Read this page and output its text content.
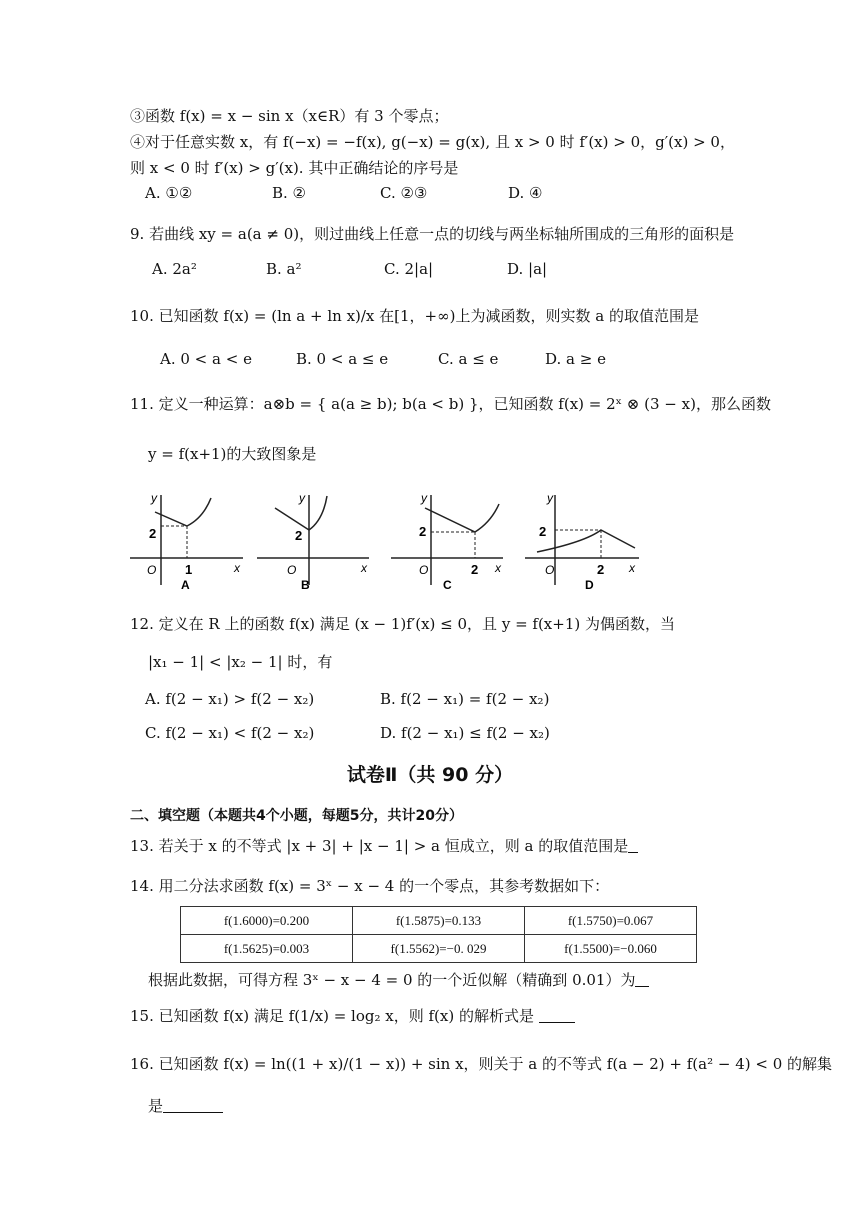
③函数 f(x) = x − sin x（x∈R）有 3 个零点；
④对于任意实数 x，有 f(−x) = −f(x), g(−x) = g(x), 且 x > 0 时 f′(x) > 0，g′(x) > 0，
则 x < 0 时 f′(x) > g′(x). 其中正确结论的序号是
A. ①②	B. ②	C. ②③	D. ④
9. 若曲线 xy = a(a ≠ 0)，则过曲线上任意一点的切线与两坐标轴所围成的三角形的面积是
A. 2a²	B. a²	C. 2|a|	D. |a|
10. 已知函数 f(x) = (ln a + ln x)/x 在[1，+∞)上为减函数，则实数 a 的取值范围是
A. 0 < a < e	B. 0 < a ≤ e	C. a ≤ e	D. a ≥ e
11. 定义一种运算：a⊗b = { a(a ≥ b); b(a < b) }，已知函数 f(x) = 2ˣ ⊗ (3 − x)，那么函数
y = f(x+1)的大致图象是
y
x
O
2
1
A
y
x
O
2
B
y
x
O
2
2
C
y
x
O
2
2
D
12. 定义在 R 上的函数 f(x) 满足 (x − 1)f′(x) ≤ 0，且 y = f(x+1) 为偶函数，当
|x₁ − 1| < |x₂ − 1| 时，有
A. f(2 − x₁) > f(2 − x₂)	B. f(2 − x₁) = f(2 − x₂)
C. f(2 − x₁) < f(2 − x₂)	D. f(2 − x₁) ≤ f(2 − x₂)
试卷Ⅱ（共 90 分）
二、填空题（本题共4个小题，每题5分，共计20分）
13. 若关于 x 的不等式 |x + 3| + |x − 1| > a 恒成立，则 a 的取值范围是
14. 用二分法求函数 f(x) = 3ˣ − x − 4 的一个零点，其参考数据如下：
f(1.6000)=0.200	f(1.5875)=0.133	f(1.5750)=0.067
f(1.5625)=0.003	f(1.5562)=−0. 029	f(1.5500)=−0.060
根据此数据，可得方程 3ˣ − x − 4 = 0 的一个近似解（精确到 0.01）为
15. 已知函数 f(x) 满足 f(1/x) = log₂ x，则 f(x) 的解析式是
16. 已知函数 f(x) = ln((1 + x)/(1 − x)) + sin x，则关于 a 的不等式 f(a − 2) + f(a² − 4) < 0 的解集
是
